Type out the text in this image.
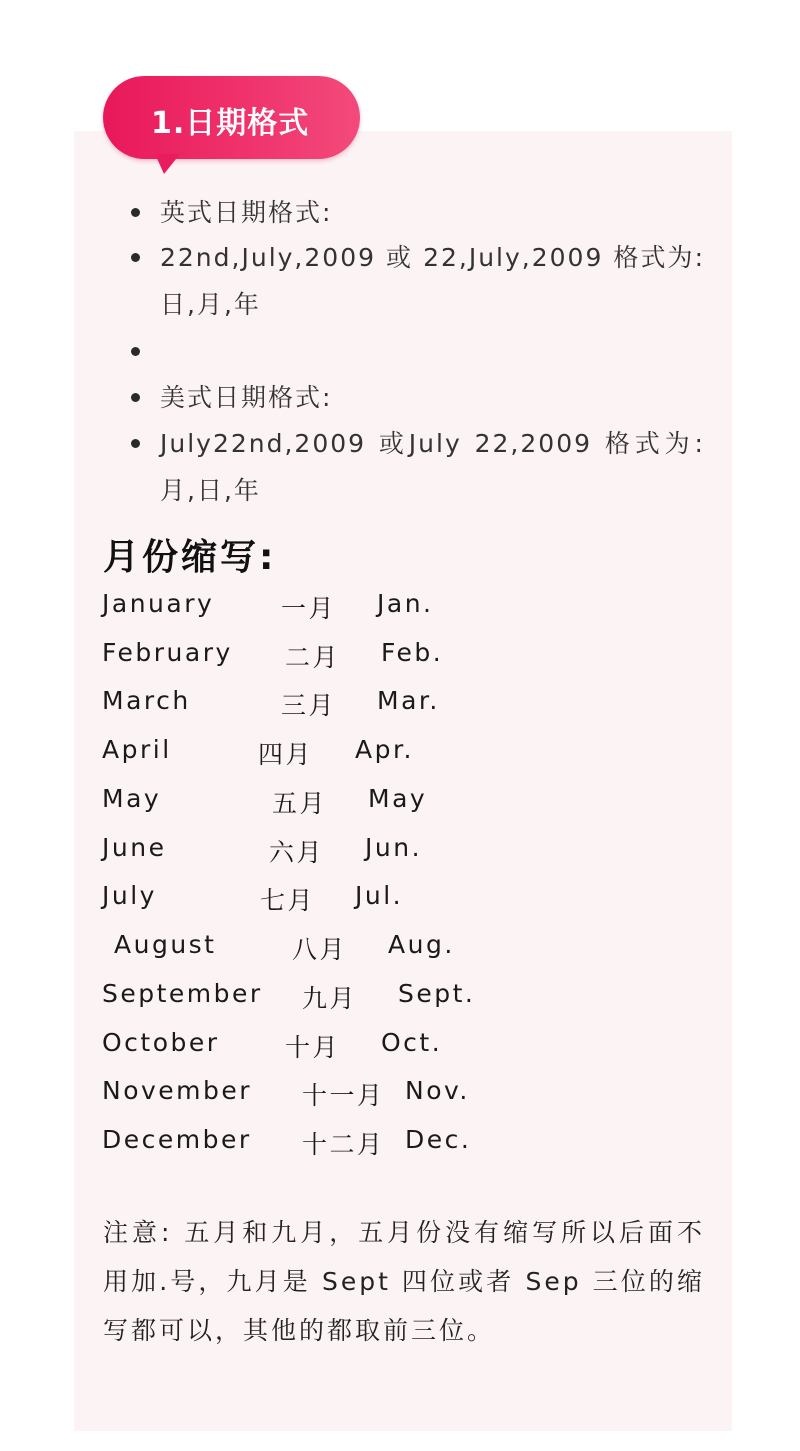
1.日期格式
英式日期格式:
22nd,July,2009 或 22,July,2009 格式为: 日,月,年
美式日期格式:
July22nd,2009 或July 22,2009 格式为: 月,日,年
月份缩写:
January	一月 Jan.
February 二月 Feb.
March	三月 Mar.
April	四月 Apr.
May	五月 May
June	六月 Jun.
July	七月 Jul.
August	八月 Aug.
September 九月 Sept.
October	十月 Oct.
November 十一月 Nov.
December 十二月 Dec.
注意: 五月和九月，五月份没有缩写所以后面不用加.号，九月是 Sept 四位或者 Sep 三位的缩写都可以，其他的都取前三位。
